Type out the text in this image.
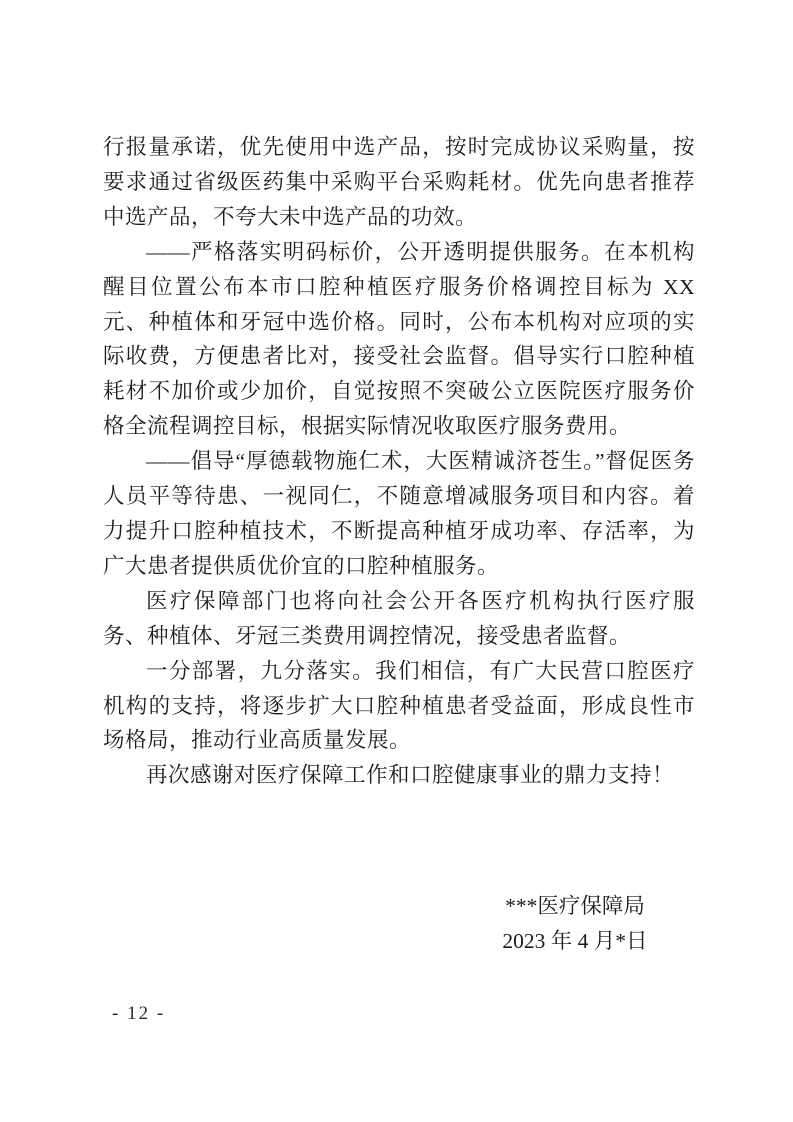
行报量承诺，优先使用中选产品，按时完成协议采购量，按要求通过省级医药集中采购平台采购耗材。优先向患者推荐中选产品，不夸大未中选产品的功效。

——严格落实明码标价，公开透明提供服务。在本机构醒目位置公布本市口腔种植医疗服务价格调控目标为 XX 元、种植体和牙冠中选价格。同时，公布本机构对应项的实际收费，方便患者比对，接受社会监督。倡导实行口腔种植耗材不加价或少加价，自觉按照不突破公立医院医疗服务价格全流程调控目标，根据实际情况收取医疗服务费用。

——倡导“厚德载物施仁术，大医精诚济苍生。”督促医务人员平等待患、一视同仁，不随意增减服务项目和内容。着力提升口腔种植技术，不断提高种植牙成功率、存活率，为广大患者提供质优价宜的口腔种植服务。

医疗保障部门也将向社会公开各医疗机构执行医疗服务、种植体、牙冠三类费用调控情况，接受患者监督。

一分部署，九分落实。我们相信，有广大民营口腔医疗机构的支持，将逐步扩大口腔种植患者受益面，形成良性市场格局，推动行业高质量发展。

再次感谢对医疗保障工作和口腔健康事业的鼎力支持！

***医疗保障局
2023 年 4 月*日
- 12 -
